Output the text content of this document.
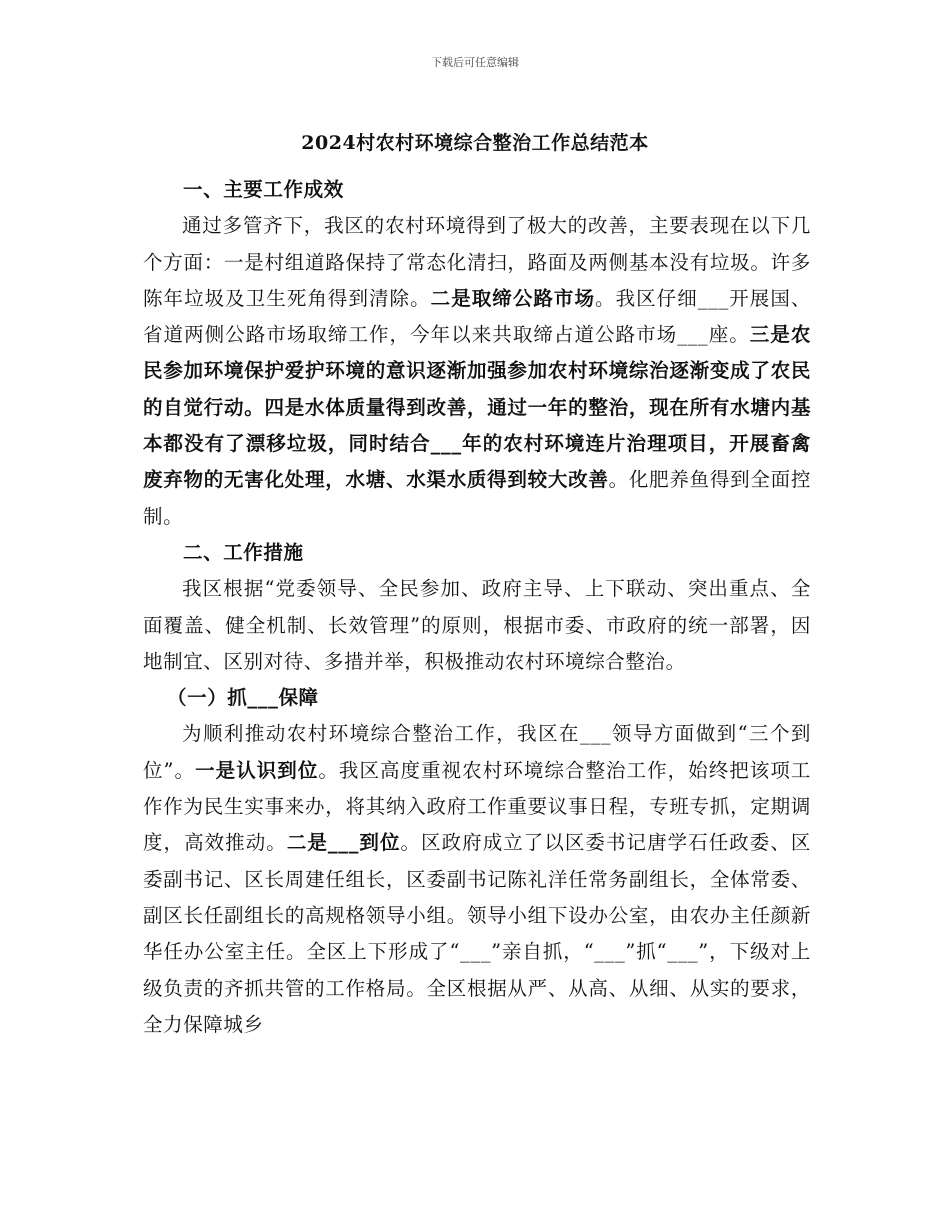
下载后可任意编辑
2024村农村环境综合整治工作总结范本
一、主要工作成效

通过多管齐下，我区的农村环境得到了极大的改善，主要表现在以下几个方面：一是村组道路保持了常态化清扫，路面及两侧基本没有垃圾。许多陈年垃圾及卫生死角得到清除。二是取缔公路市场。我区仔细___开展国、省道两侧公路市场取缔工作，今年以来共取缔占道公路市场___座。三是农民参加环境保护爱护环境的意识逐渐加强参加农村环境综治逐渐变成了农民的自觉行动。四是水体质量得到改善，通过一年的整治，现在所有水塘内基本都没有了漂移垃圾，同时结合___年的农村环境连片治理项目，开展畜禽废弃物的无害化处理，水塘、水渠水质得到较大改善。化肥养鱼得到全面控制。

二、工作措施

我区根据“党委领导、全民参加、政府主导、上下联动、突出重点、全面覆盖、健全机制、长效管理”的原则，根据市委、市政府的统一部署，因地制宜、区别对待、多措并举，积极推动农村环境综合整治。

（一）抓___保障

为顺利推动农村环境综合整治工作，我区在___领导方面做到“三个到位”。一是认识到位。我区高度重视农村环境综合整治工作，始终把该项工作作为民生实事来办，将其纳入政府工作重要议事日程，专班专抓，定期调度，高效推动。二是___到位。区政府成立了以区委书记唐学石任政委、区委副书记、区长周建任组长，区委副书记陈礼洋任常务副组长，全体常委、副区长任副组长的高规格领导小组。领导小组下设办公室，由农办主任颜新华任办公室主任。全区上下形成了“___”亲自抓，“___”抓“___”，下级对上级负责的齐抓共管的工作格局。全区根据从严、从高、从细、从实的要求，全力保障城乡
